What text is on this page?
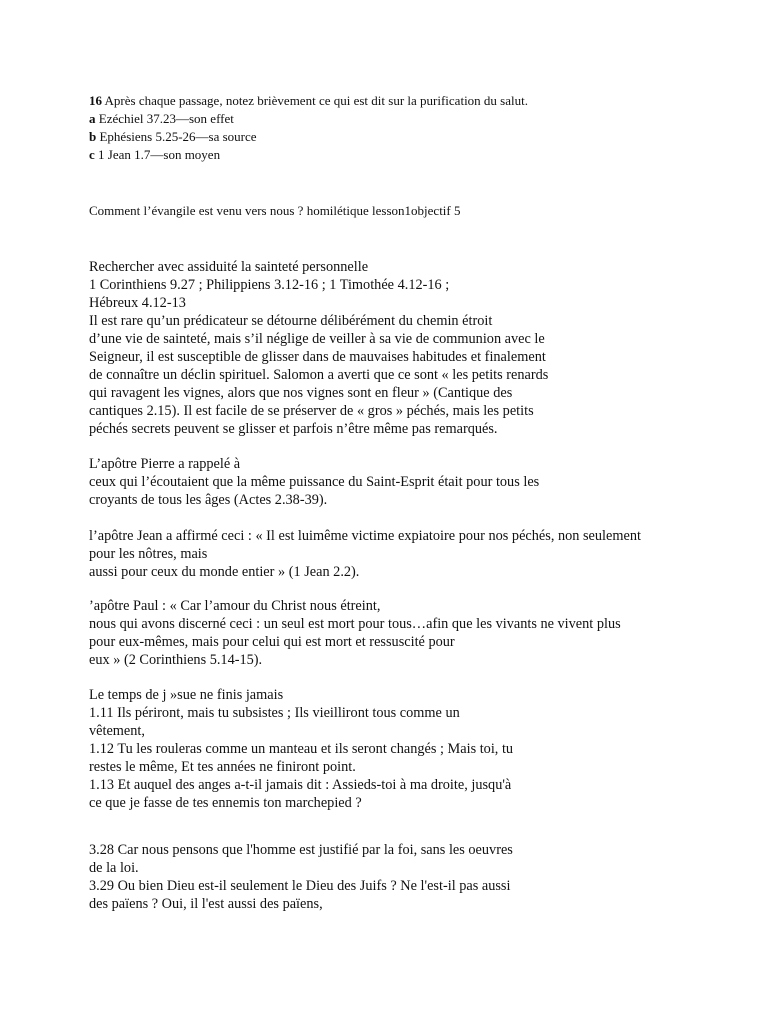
16 Après chaque passage, notez brièvement ce qui est dit sur la purification du salut.
a Ezéchiel 37.23—son effet
b Ephésiens 5.25-26—sa source
c 1 Jean 1.7—son moyen
Comment l’évangile est venu vers nous ? homilétique lesson1objectif 5
Rechercher avec assiduité la sainteté personnelle
1 Corinthiens 9.27 ; Philippiens 3.12-16 ; 1 Timothée 4.12-16 ;
Hébreux 4.12-13
Il est rare qu’un prédicateur se détourne délibérément du chemin étroit
d’une vie de sainteté, mais s’il néglige de veiller à sa vie de communion avec le
Seigneur, il est susceptible de glisser dans de mauvaises habitudes et finalement
de connaître un déclin spirituel. Salomon a averti que ce sont « les petits renards
qui ravagent les vignes, alors que nos vignes sont en fleur » (Cantique des
cantiques 2.15). Il est facile de se préserver de « gros » péchés, mais les petits
péchés secrets peuvent se glisser et parfois n’être même pas remarqués.
L’apôtre Pierre a rappelé à
ceux qui l’écoutaient que la même puissance du Saint-Esprit était pour tous les
croyants de tous les âges (Actes 2.38-39).
l’apôtre Jean a affirmé ceci : « Il est luimême victime expiatoire pour nos péchés, non seulement
pour les nôtres, mais
aussi pour ceux du monde entier » (1 Jean 2.2).
’apôtre Paul : « Car l’amour du Christ nous étreint,
nous qui avons discerné ceci : un seul est mort pour tous…afin que les vivants ne vivent plus
pour eux-mêmes, mais pour celui qui est mort et ressuscité pour
eux » (2 Corinthiens 5.14-15).
Le temps de j »sue ne finis jamais
1.11 Ils périront, mais tu subsistes ; Ils vieilliront tous comme un
vêtement,
1.12 Tu les rouleras comme un manteau et ils seront changés ; Mais toi, tu
restes le même, Et tes années ne finiront point.
1.13 Et auquel des anges a-t-il jamais dit : Assieds-toi à ma droite, jusqu'à
ce que je fasse de tes ennemis ton marchepied ?
3.28 Car nous pensons que l'homme est justifié par la foi, sans les oeuvres
de la loi.
3.29 Ou bien Dieu est-il seulement le Dieu des Juifs ? Ne l'est-il pas aussi
des païens ? Oui, il l'est aussi des païens,
